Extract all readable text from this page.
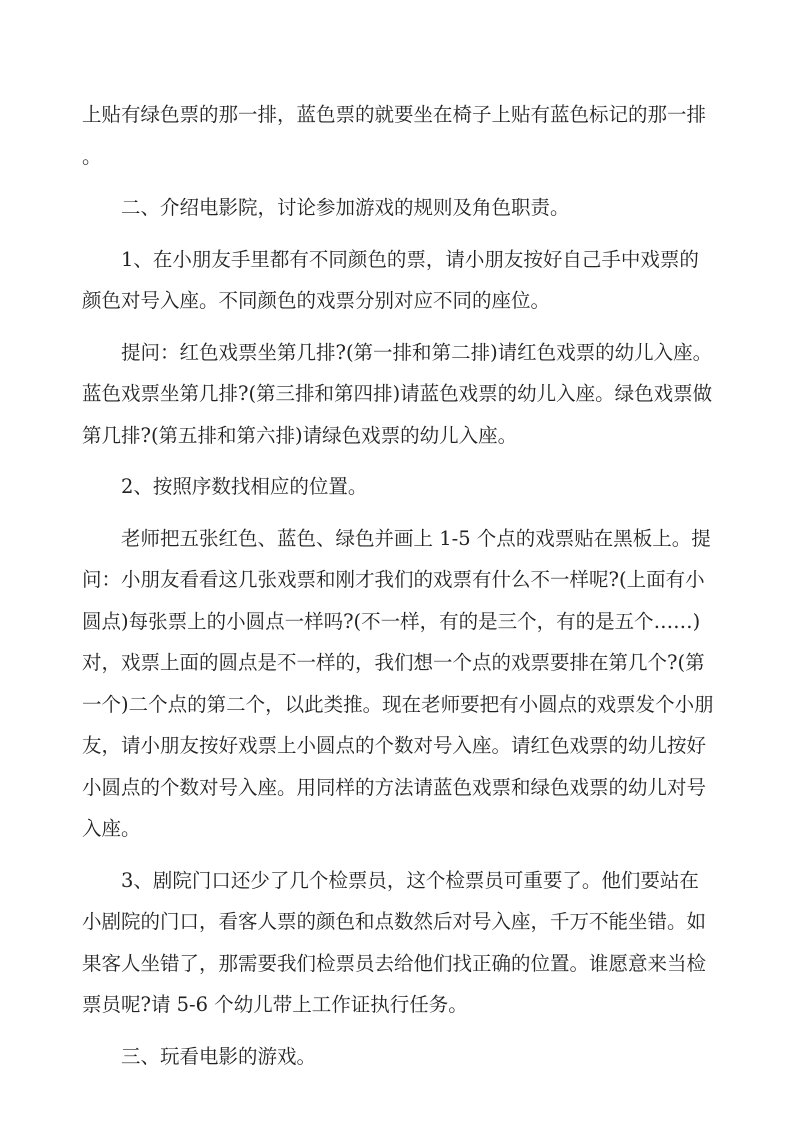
上贴有绿色票的那一排，蓝色票的就要坐在椅子上贴有蓝色标记的那一排。

二、介绍电影院，讨论参加游戏的规则及角色职责。

1、在小朋友手里都有不同颜色的票，请小朋友按好自己手中戏票的颜色对号入座。不同颜色的戏票分别对应不同的座位。

提问：红色戏票坐第几排?(第一排和第二排)请红色戏票的幼儿入座。蓝色戏票坐第几排?(第三排和第四排)请蓝色戏票的幼儿入座。绿色戏票做第几排?(第五排和第六排)请绿色戏票的幼儿入座。

2、按照序数找相应的位置。

老师把五张红色、蓝色、绿色并画上 1-5 个点的戏票贴在黑板上。提问：小朋友看看这几张戏票和刚才我们的戏票有什么不一样呢?(上面有小圆点)每张票上的小圆点一样吗?(不一样，有的是三个，有的是五个……)对，戏票上面的圆点是不一样的，我们想一个点的戏票要排在第几个?(第一个)二个点的第二个，以此类推。现在老师要把有小圆点的戏票发个小朋友，请小朋友按好戏票上小圆点的个数对号入座。请红色戏票的幼儿按好小圆点的个数对号入座。用同样的方法请蓝色戏票和绿色戏票的幼儿对号入座。

3、剧院门口还少了几个检票员，这个检票员可重要了。他们要站在小剧院的门口，看客人票的颜色和点数然后对号入座，千万不能坐错。如果客人坐错了，那需要我们检票员去给他们找正确的位置。谁愿意来当检票员呢?请 5-6 个幼儿带上工作证执行任务。

三、玩看电影的游戏。
